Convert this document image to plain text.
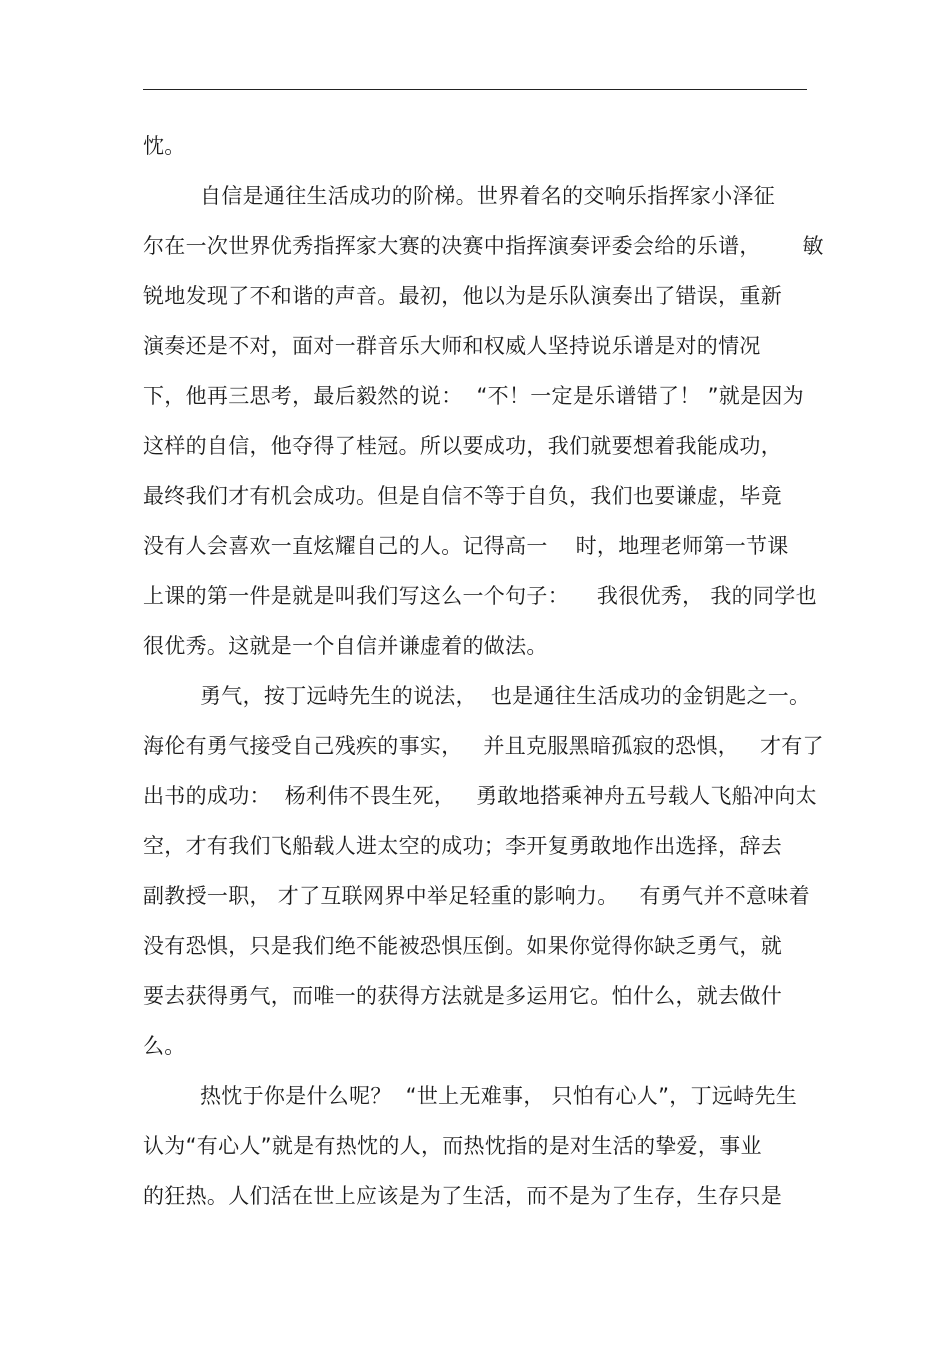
忱。
自信是通往生活成功的阶梯。世界着名的交响乐指挥家小泽征
尔在一次世界优秀指挥家大赛的决赛中指挥演奏评委会给的乐谱，      敏
锐地发现了不和谐的声音。最初，他以为是乐队演奏出了错误，重新
演奏还是不对，面对一群音乐大师和权威人坚持说乐谱是对的情况
下，他再三思考，最后毅然的说：  “不！一定是乐谱错了！ ”就是因为
这样的自信，他夺得了桂冠。所以要成功，我们就要想着我能成功，
最终我们才有机会成功。但是自信不等于自负，我们也要谦虚，毕竟
没有人会喜欢一直炫耀自己的人。记得高一    时，地理老师第一节课
上课的第一件是就是叫我们写这么一个句子：    我很优秀， 我的同学也
很优秀。这就是一个自信并谦虚着的做法。
勇气，按丁远峙先生的说法，  也是通往生活成功的金钥匙之一。
海伦有勇气接受自己残疾的事实，   并且克服黑暗孤寂的恐惧，   才有了
出书的成功：  杨利伟不畏生死，   勇敢地搭乘神舟五号载人飞船冲向太
空，才有我们飞船载人进太空的成功；李开复勇敢地作出选择，辞去
副教授一职， 才了互联网界中举足轻重的影响力。   有勇气并不意味着
没有恐惧，只是我们绝不能被恐惧压倒。如果你觉得你缺乏勇气，就
要去获得勇气，而唯一的获得方法就是多运用它。怕什么，就去做什
么。
热忱于你是什么呢？  “世上无难事， 只怕有心人”，丁远峙先生
认为“有心人”就是有热忱的人，而热忱指的是对生活的挚爱，事业
的狂热。人们活在世上应该是为了生活，而不是为了生存，生存只是
